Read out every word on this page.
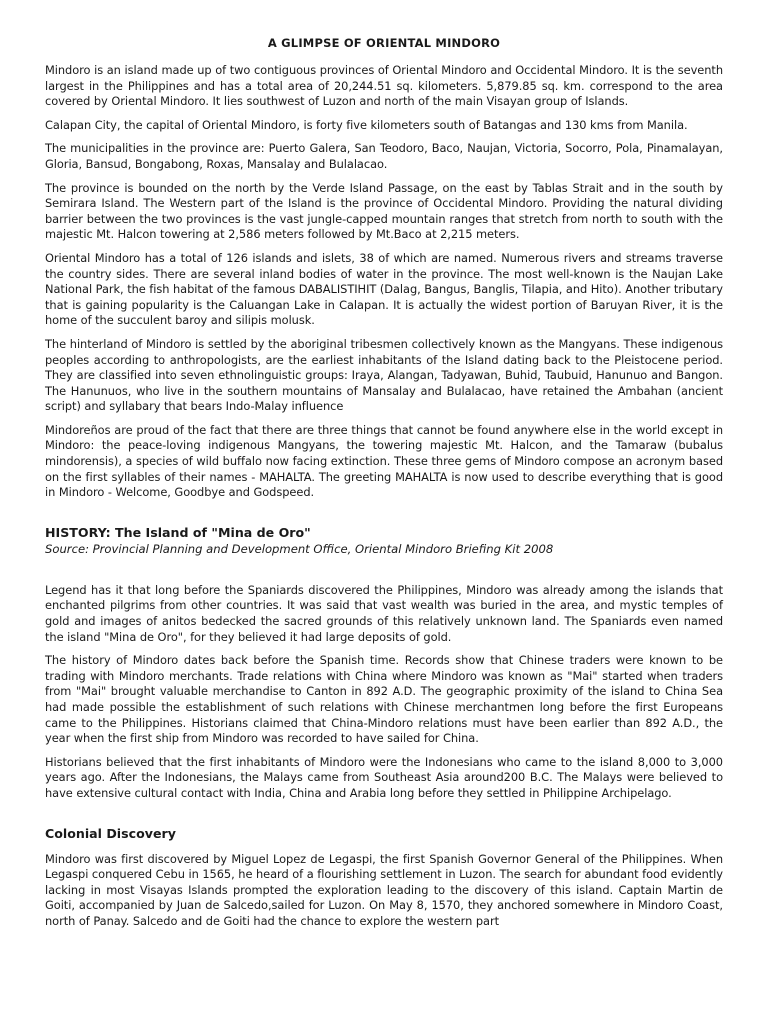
A GLIMPSE OF ORIENTAL MINDORO

Mindoro is an island made up of two contiguous provinces of Oriental Mindoro and Occidental Mindoro. It is the seventh largest in the Philippines and has a total area of 20,244.51 sq. kilometers. 5,879.85 sq. km. correspond to the area covered by Oriental Mindoro. It lies southwest of Luzon and north of the main Visayan group of Islands.

Calapan City, the capital of Oriental Mindoro, is forty five kilometers south of Batangas and 130 kms from Manila.

The municipalities in the province are: Puerto Galera, San Teodoro, Baco, Naujan, Victoria, Socorro, Pola, Pinamalayan, Gloria, Bansud, Bongabong, Roxas, Mansalay and Bulalacao.

The province is bounded on the north by the Verde Island Passage, on the east by Tablas Strait and in the south by Semirara Island. The Western part of the Island is the province of Occidental Mindoro. Providing the natural dividing barrier between the two provinces is the vast jungle-capped mountain ranges that stretch from north to south with the majestic Mt. Halcon towering at 2,586 meters followed by Mt.Baco at 2,215 meters.

Oriental Mindoro has a total of 126 islands and islets, 38 of which are named. Numerous rivers and streams traverse the country sides. There are several inland bodies of water in the province. The most well-known is the Naujan Lake National Park, the fish habitat of the famous DABALISTIHIT (Dalag, Bangus, Banglis, Tilapia, and Hito). Another tributary that is gaining popularity is the Caluangan Lake in Calapan. It is actually the widest portion of Baruyan River, it is the home of the succulent baroy and silipis molusk.

The hinterland of Mindoro is settled by the aboriginal tribesmen collectively known as the Mangyans. These indigenous peoples according to anthropologists, are the earliest inhabitants of the Island dating back to the Pleistocene period. They are classified into seven ethnolinguistic groups: Iraya, Alangan, Tadyawan, Buhid, Taubuid, Hanunuo and Bangon. The Hanunuos, who live in the southern mountains of Mansalay and Bulalacao, have retained the Ambahan (ancient script) and syllabary that bears Indo-Malay influence

Mindoreños are proud of the fact that there are three things that cannot be found anywhere else in the world except in Mindoro: the peace-loving indigenous Mangyans, the towering majestic Mt. Halcon, and the Tamaraw (bubalus mindorensis), a species of wild buffalo now facing extinction. These three gems of Mindoro compose an acronym based on the first syllables of their names - MAHALTA. The greeting MAHALTA is now used to describe everything that is good in Mindoro - Welcome, Goodbye and Godspeed.

HISTORY: The Island of "Mina de Oro"
Source: Provincial Planning and Development Office, Oriental Mindoro Briefing Kit 2008

Legend has it that long before the Spaniards discovered the Philippines, Mindoro was already among the islands that enchanted pilgrims from other countries. It was said that vast wealth was buried in the area, and mystic temples of gold and images of anitos bedecked the sacred grounds of this relatively unknown land. The Spaniards even named the island "Mina de Oro", for they believed it had large deposits of gold.

The history of Mindoro dates back before the Spanish time. Records show that Chinese traders were known to be trading with Mindoro merchants. Trade relations with China where Mindoro was known as "Mai" started when traders from "Mai" brought valuable merchandise to Canton in 892 A.D. The geographic proximity of the island to China Sea had made possible the establishment of such relations with Chinese merchantmen long before the first Europeans came to the Philippines. Historians claimed that China-Mindoro relations must have been earlier than 892 A.D., the year when the first ship from Mindoro was recorded to have sailed for China.

Historians believed that the first inhabitants of Mindoro were the Indonesians who came to the island 8,000 to 3,000 years ago. After the Indonesians, the Malays came from Southeast Asia around200 B.C. The Malays were believed to have extensive cultural contact with India, China and Arabia long before they settled in Philippine Archipelago.

Colonial Discovery

Mindoro was first discovered by Miguel Lopez de Legaspi, the first Spanish Governor General of the Philippines. When Legaspi conquered Cebu in 1565, he heard of a flourishing settlement in Luzon. The search for abundant food evidently lacking in most Visayas Islands prompted the exploration leading to the discovery of this island. Captain Martin de Goiti, accompanied by Juan de Salcedo,sailed for Luzon. On May 8, 1570, they anchored somewhere in Mindoro Coast, north of Panay. Salcedo and de Goiti had the chance to explore the western part
